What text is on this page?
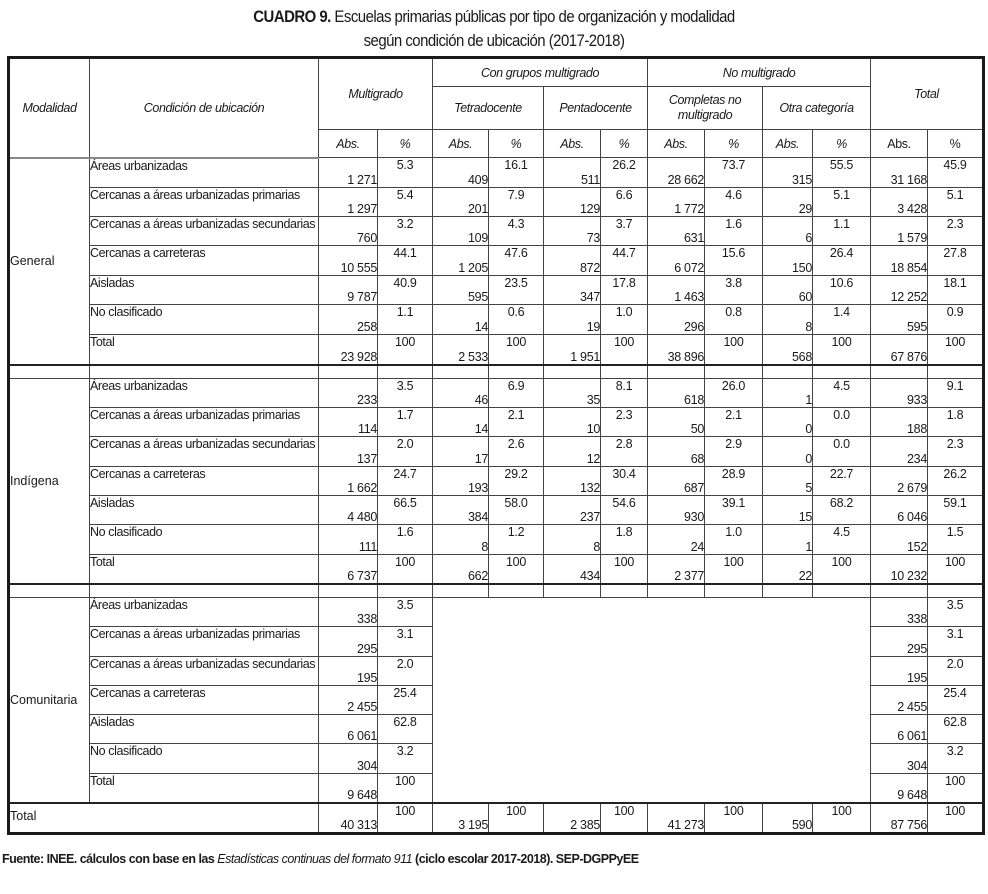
CUADRO 9. Escuelas primarias públicas por tipo de organización y modalidad
según condición de ubicación (2017-2018)
Modalidad	Condición de ubicación	Multigrado		Con grupos multigrado				No multigrado				Total	
				Tetradocente		Pentadocente		Completas no multigrado		Otra categoría			
		Abs.	%	Abs.	%	Abs.	%	Abs.	%	Abs.	%	Abs.	%
General	Áreas urbanizadas	1 271	5.3	409	16.1	511	26.2	28 662	73.7	315	55.5	31 168	45.9
	Cercanas a áreas urbanizadas primarias	1 297	5.4	201	7.9	129	6.6	1 772	4.6	29	5.1	3 428	5.1
	Cercanas a áreas urbanizadas secundarias	760	3.2	109	4.3	73	3.7	631	1.6	6	1.1	1 579	2.3
	Cercanas a carreteras	10 555	44.1	1 205	47.6	872	44.7	6 072	15.6	150	26.4	18 854	27.8
	Aisladas	9 787	40.9	595	23.5	347	17.8	1 463	3.8	60	10.6	12 252	18.1
	No clasificado	258	1.1	14	0.6	19	1.0	296	0.8	8	1.4	595	0.9
	Total	23 928	100	2 533	100	1 951	100	38 896	100	568	100	67 876	100

Indígena	Áreas urbanizadas	233	3.5	46	6.9	35	8.1	618	26.0	1	4.5	933	9.1
	Cercanas a áreas urbanizadas primarias	114	1.7	14	2.1	10	2.3	50	2.1	0	0.0	188	1.8
	Cercanas a áreas urbanizadas secundarias	137	2.0	17	2.6	12	2.8	68	2.9	0	0.0	234	2.3
	Cercanas a carreteras	1 662	24.7	193	29.2	132	30.4	687	28.9	5	22.7	2 679	26.2
	Aisladas	4 480	66.5	384	58.0	237	54.6	930	39.1	15	68.2	6 046	59.1
	No clasificado	111	1.6	8	1.2	8	1.8	24	1.0	1	4.5	152	1.5
	Total	6 737	100	662	100	434	100	2 377	100	22	100	10 232	100

Comunitaria	Áreas urbanizadas	338	3.5									338	3.5
	Cercanas a áreas urbanizadas primarias	295	3.1									295	3.1
	Cercanas a áreas urbanizadas secundarias	195	2.0									195	2.0
	Cercanas a carreteras	2 455	25.4									2 455	25.4
	Aisladas	6 061	62.8									6 061	62.8
	No clasificado	304	3.2									304	3.2
	Total	9 648	100									9 648	100
Total		40 313	100	3 195	100	2 385	100	41 273	100	590	100	87 756	100
Fuente: INEE. cálculos con base en las Estadísticas continuas del formato 911 (ciclo escolar 2017-2018). SEP-DGPPyEE
